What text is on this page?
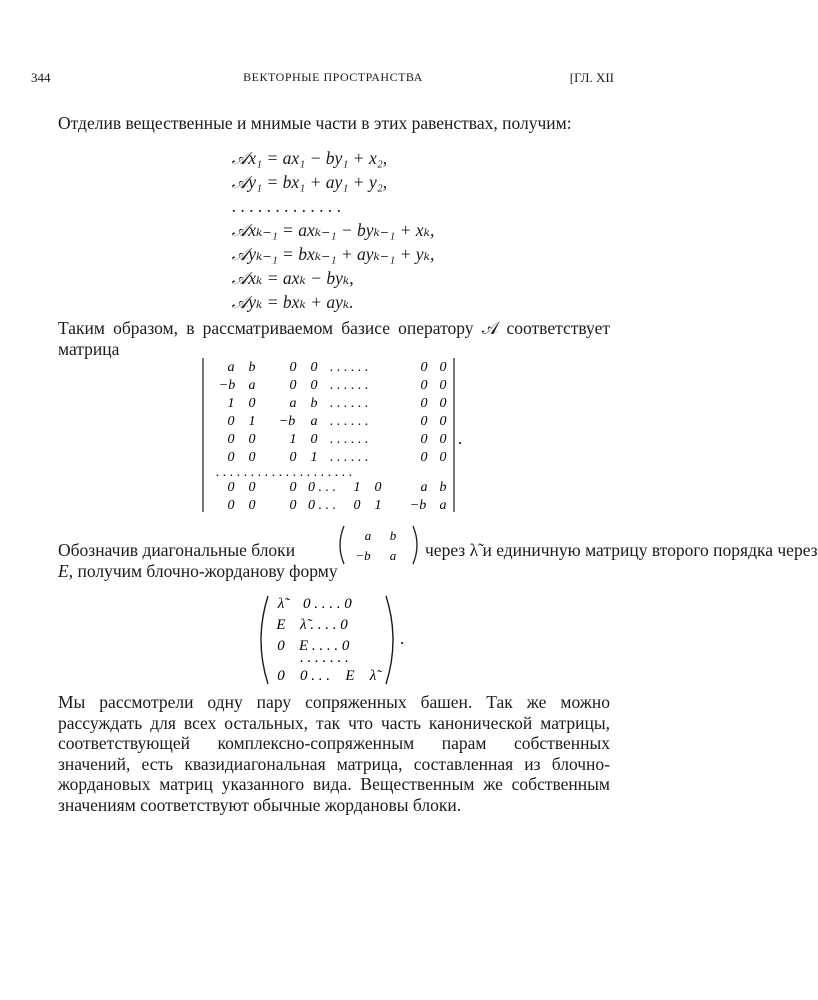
344	ВЕКТОРНЫЕ ПРОСТРАНСТВА	[ГЛ. XII
Отделив вещественные и мнимые части в этих равенствах, получим:
𝒜x₁ = ax₁ − by₁ + x₂,
𝒜y₁ = bx₁ + ay₁ + y₂,
. . . . . . . . . . . . .
𝒜xₖ₋₁ = axₖ₋₁ − byₖ₋₁ + xₖ,
𝒜yₖ₋₁ = bxₖ₋₁ + ayₖ₋₁ + yₖ,
𝒜xₖ = axₖ − byₖ,
𝒜yₖ = bxₖ + ayₖ.
Таким образом, в рассматриваемом базисе оператору 𝒜 соответствует матрица
a b 0 0 . . . . . .	0 0
−b a 0 0 . . . . . .	0 0
1 0 a b . . . . . .	0 0
0 1 −b a . . . . . .	0 0
0 0 1 0 . . . . . .	0 0
0 0 0 1 . . . . . .	0 0
. . . . . . . . . . . . . . . . . . . .
0 0 0 0 . . . 1 0	a b
0 0 0 0 . . . 0 1 −b a
.
Обозначив диагональные блоки
a b
−b a через λ̃ и единичную матрицу второго порядка через
E, получим блочно-жорданову форму
λ̃	0 . . . . 0
E λ̃ . . . . 0
0 E . . . . 0
. . . . . . .
0 0 . . . E λ̃
.
Мы рассмотрели одну пару сопряженных башен. Так же можно рассуждать для всех остальных, так что часть канонической матрицы, соответствующей комплексно-сопряженным парам собственных значений, есть квазидиагональная матрица, составленная из блочно-жордановых матриц указанного вида. Вещественным же собственным значениям соответствуют обычные жордановы блоки.
